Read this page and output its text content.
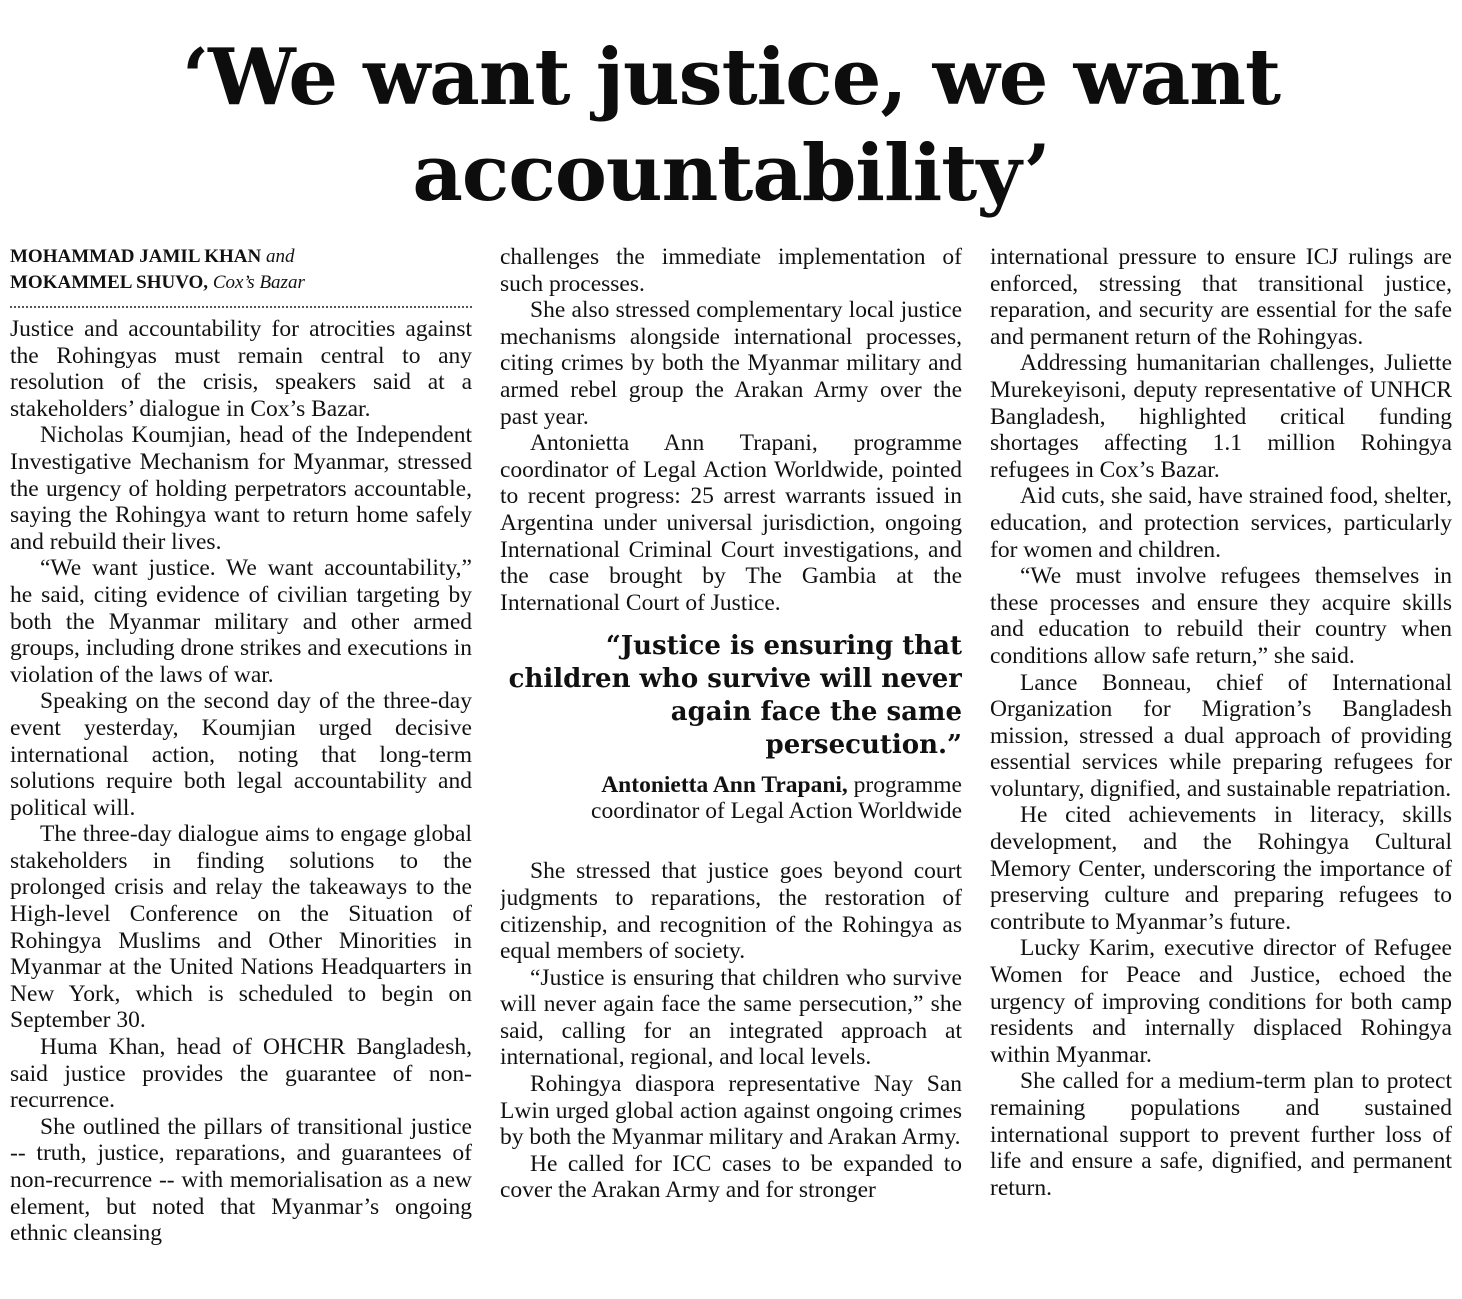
‘We want justice, we want
accountability’
MOHAMMAD JAMIL KHAN and
MOKAMMEL SHUVO, Cox’s Bazar

Justice and accountability for atrocities against the Rohingyas must remain central to any resolution of the crisis, speakers said at a stakeholders’ dialogue in Cox’s Bazar.

Nicholas Koumjian, head of the Independent Investigative Mechanism for Myanmar, stressed the urgency of holding perpetrators accountable, saying the Rohingya want to return home safely and rebuild their lives.

“We want justice. We want accountability,” he said, citing evidence of civilian targeting by both the Myanmar military and other armed groups, including drone strikes and executions in violation of the laws of war.

Speaking on the second day of the three-day event yesterday, Koumjian urged decisive international action, noting that long-term solutions require both legal accountability and political will.

The three-day dialogue aims to engage global stakeholders in finding solutions to the prolonged crisis and relay the takeaways to the High-level Conference on the Situation of Rohingya Muslims and Other Minorities in Myanmar at the United Nations Headquarters in New York, which is scheduled to begin on September 30.

Huma Khan, head of OHCHR Bangladesh, said justice provides the guarantee of non-recurrence.

She outlined the pillars of transitional justice -- truth, justice, reparations, and guarantees of non-recurrence -- with memorialisation as a new element, but noted that Myanmar’s ongoing ethnic cleansing

challenges the immediate implementation of such processes.

She also stressed complementary local justice mechanisms alongside international processes, citing crimes by both the Myanmar military and armed rebel group the Arakan Army over the past year.

Antonietta Ann Trapani, programme coordinator of Legal Action Worldwide, pointed to recent progress: 25 arrest warrants issued in Argentina under universal jurisdiction, ongoing International Criminal Court investigations, and the case brought by The Gambia at the International Court of Justice.

“Justice is ensuring that children who survive will never again face the same persecution.”
Antonietta Ann Trapani, programme coordinator of Legal Action Worldwide

She stressed that justice goes beyond court judgments to reparations, the restoration of citizenship, and recognition of the Rohingya as equal members of society.

“Justice is ensuring that children who survive will never again face the same persecution,” she said, calling for an integrated approach at international, regional, and local levels.

Rohingya diaspora representative Nay San Lwin urged global action against ongoing crimes by both the Myanmar military and Arakan Army.

He called for ICC cases to be expanded to cover the Arakan Army and for stronger

international pressure to ensure ICJ rulings are enforced, stressing that transitional justice, reparation, and security are essential for the safe and permanent return of the Rohingyas.

Addressing humanitarian challenges, Juliette Murekeyisoni, deputy representative of UNHCR Bangladesh, highlighted critical funding shortages affecting 1.1 million Rohingya refugees in Cox’s Bazar.

Aid cuts, she said, have strained food, shelter, education, and protection services, particularly for women and children.

“We must involve refugees themselves in these processes and ensure they acquire skills and education to rebuild their country when conditions allow safe return,” she said.

Lance Bonneau, chief of International Organization for Migration’s Bangladesh mission, stressed a dual approach of providing essential services while preparing refugees for voluntary, dignified, and sustainable repatriation.

He cited achievements in literacy, skills development, and the Rohingya Cultural Memory Center, underscoring the importance of preserving culture and preparing refugees to contribute to Myanmar’s future.

Lucky Karim, executive director of Refugee Women for Peace and Justice, echoed the urgency of improving conditions for both camp residents and internally displaced Rohingya within Myanmar.

She called for a medium-term plan to protect remaining populations and sustained international support to prevent further loss of life and ensure a safe, dignified, and permanent return.
